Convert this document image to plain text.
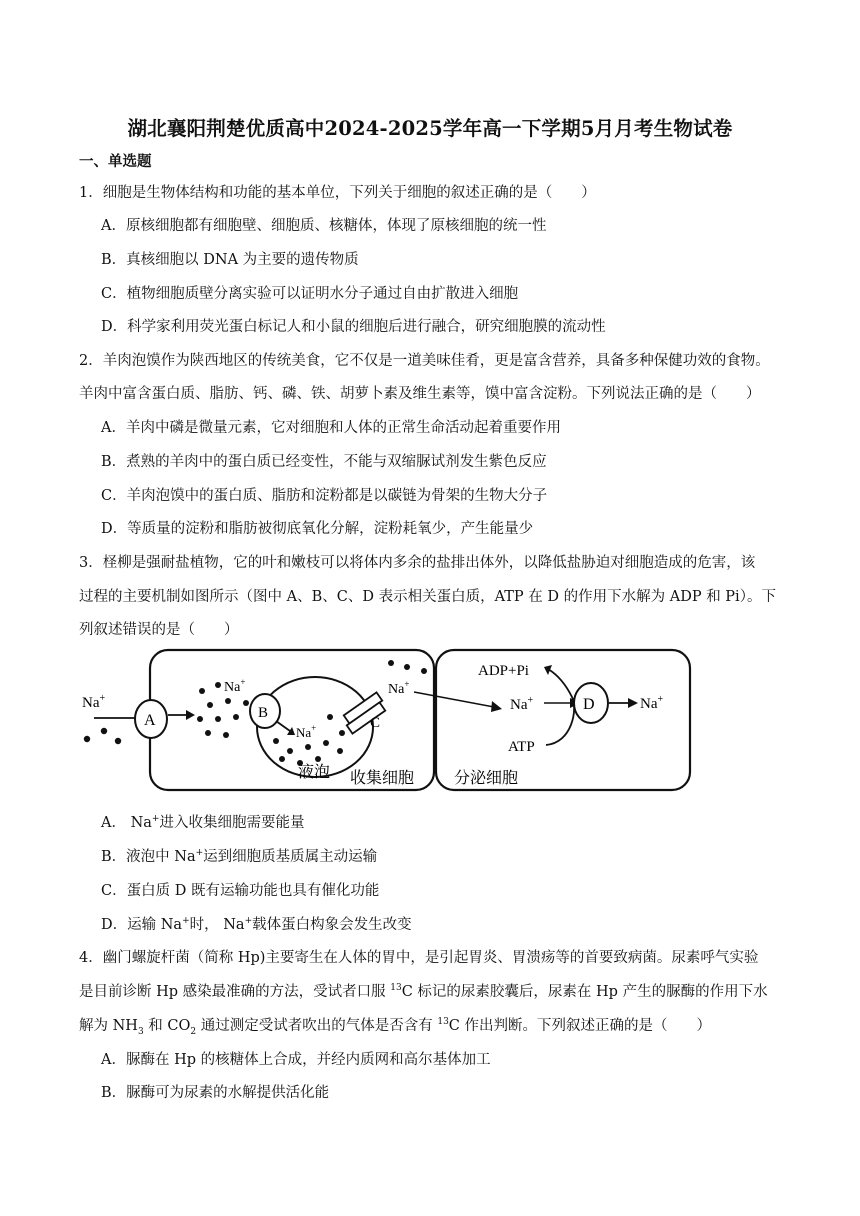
湖北襄阳荆楚优质高中2024-2025学年高一下学期5月月考生物试卷
一、单选题
1．细胞是生物体结构和功能的基本单位，下列关于细胞的叙述正确的是（　　）
A．原核细胞都有细胞壁、细胞质、核糖体，体现了原核细胞的统一性
B．真核细胞以 DNA 为主要的遗传物质
C．植物细胞质壁分离实验可以证明水分子通过自由扩散进入细胞
D．科学家利用荧光蛋白标记人和小鼠的细胞后进行融合，研究细胞膜的流动性
2．羊肉泡馍作为陕西地区的传统美食，它不仅是一道美味佳肴，更是富含营养，具备多种保健功效的食物。
羊肉中富含蛋白质、脂肪、钙、磷、铁、胡萝卜素及维生素等，馍中富含淀粉。下列说法正确的是（　　）
A．羊肉中磷是微量元素，它对细胞和人体的正常生命活动起着重要作用
B．煮熟的羊肉中的蛋白质已经变性，不能与双缩脲试剂发生紫色反应
C．羊肉泡馍中的蛋白质、脂肪和淀粉都是以碳链为骨架的生物大分子
D．等质量的淀粉和脂肪被彻底氧化分解，淀粉耗氧少，产生能量少
3．柽柳是强耐盐植物，它的叶和嫩枝可以将体内多余的盐排出体外，以降低盐胁迫对细胞造成的危害，该
过程的主要机制如图所示（图中 A、B、C、D 表示相关蛋白质，ATP 在 D 的作用下水解为 ADP 和 Pi）。下
列叙述错误的是（　　）
Na+
A
Na+
B
Na+
液泡
C
Na+
ADP+Pi
Na+
ATP
D	Na+
收集细胞 分泌细胞
A． Na+进入收集细胞需要能量
B．液泡中 Na+运到细胞质基质属主动运输
C．蛋白质 D 既有运输功能也具有催化功能
D．运输 Na+时， Na+载体蛋白构象会发生改变
4．幽门螺旋杆菌（简称 Hp)主要寄生在人体的胃中，是引起胃炎、胃溃疡等的首要致病菌。尿素呼气实验
是目前诊断 Hp 感染最准确的方法，受试者口服 $^{13}$C 标记的尿素胶囊后，尿素在 Hp 产生的脲酶的作用下水
解为 $NH_3$ 和 $CO_2$ 通过测定受试者吹出的气体是否含有 $^{13}$C 作出判断。下列叙述正确的是（　　）
A．脲酶在 Hp 的核糖体上合成，并经内质网和高尔基体加工
B．脲酶可为尿素的水解提供活化能
